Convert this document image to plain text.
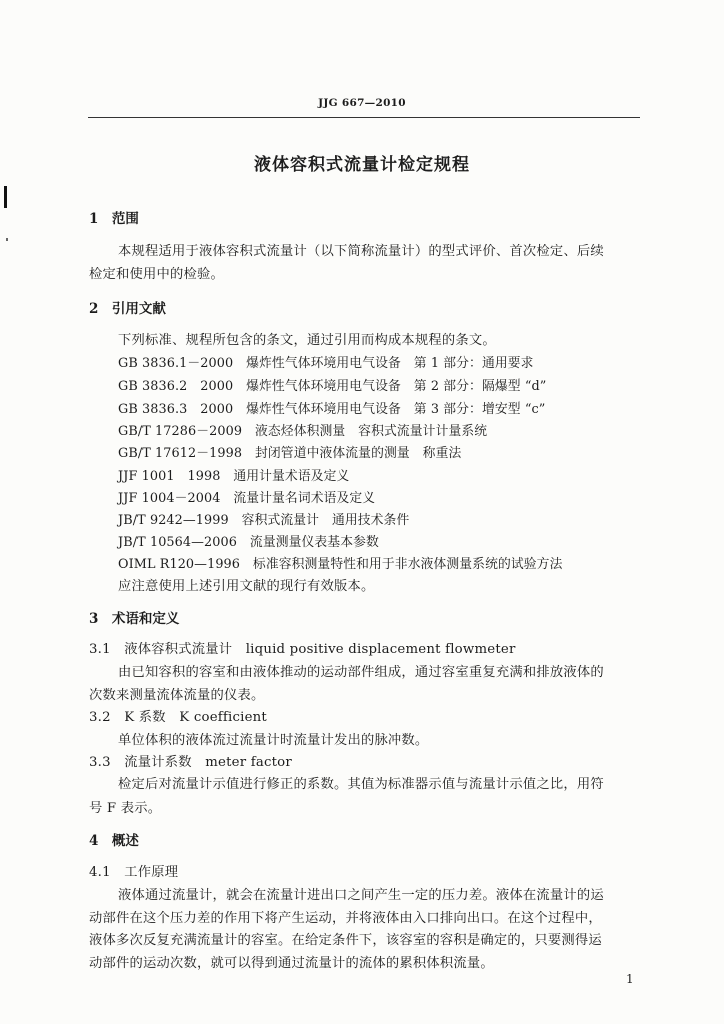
JJG 667—2010
液体容积式流量计检定规程
1　范围
本规程适用于液体容积式流量计（以下简称流量计）的型式评价、首次检定、后续
检定和使用中的检验。
2　引用文献
下列标准、规程所包含的条文，通过引用而构成本规程的条文。
GB 3836.1－2000　爆炸性气体环境用电气设备　第 1 部分：通用要求
GB 3836.2　2000　爆炸性气体环境用电气设备　第 2 部分：隔爆型 “d”
GB 3836.3　2000　爆炸性气体环境用电气设备　第 3 部分：增安型 “c”
GB/T 17286－2009　液态烃体积测量　容积式流量计计量系统
GB/T 17612－1998　封闭管道中液体流量的测量　称重法
JJF 1001　1998　通用计量术语及定义
JJF 1004－2004　流量计量名词术语及定义
JB/T 9242—1999　容积式流量计　通用技术条件
JB/T 10564—2006　流量测量仪表基本参数
OIML R120—1996　标准容积测量特性和用于非水液体测量系统的试验方法
应注意使用上述引用文献的现行有效版本。
3　术语和定义
3.1　液体容积式流量计　liquid positive displacement flowmeter
由已知容积的容室和由液体推动的运动部件组成，通过容室重复充满和排放液体的
次数来测量流体流量的仪表。
3.2　K 系数　K coefficient
单位体积的液体流过流量计时流量计发出的脉冲数。
3.3　流量计系数　meter factor
检定后对流量计示值进行修正的系数。其值为标准器示值与流量计示值之比，用符
号 F 表示。
4　概述
4.1　工作原理
液体通过流量计，就会在流量计进出口之间产生一定的压力差。液体在流量计的运
动部件在这个压力差的作用下将产生运动，并将液体由入口排向出口。在这个过程中，
液体多次反复充满流量计的容室。在给定条件下，该容室的容积是确定的，只要测得运
动部件的运动次数，就可以得到通过流量计的流体的累积体积流量。
1
